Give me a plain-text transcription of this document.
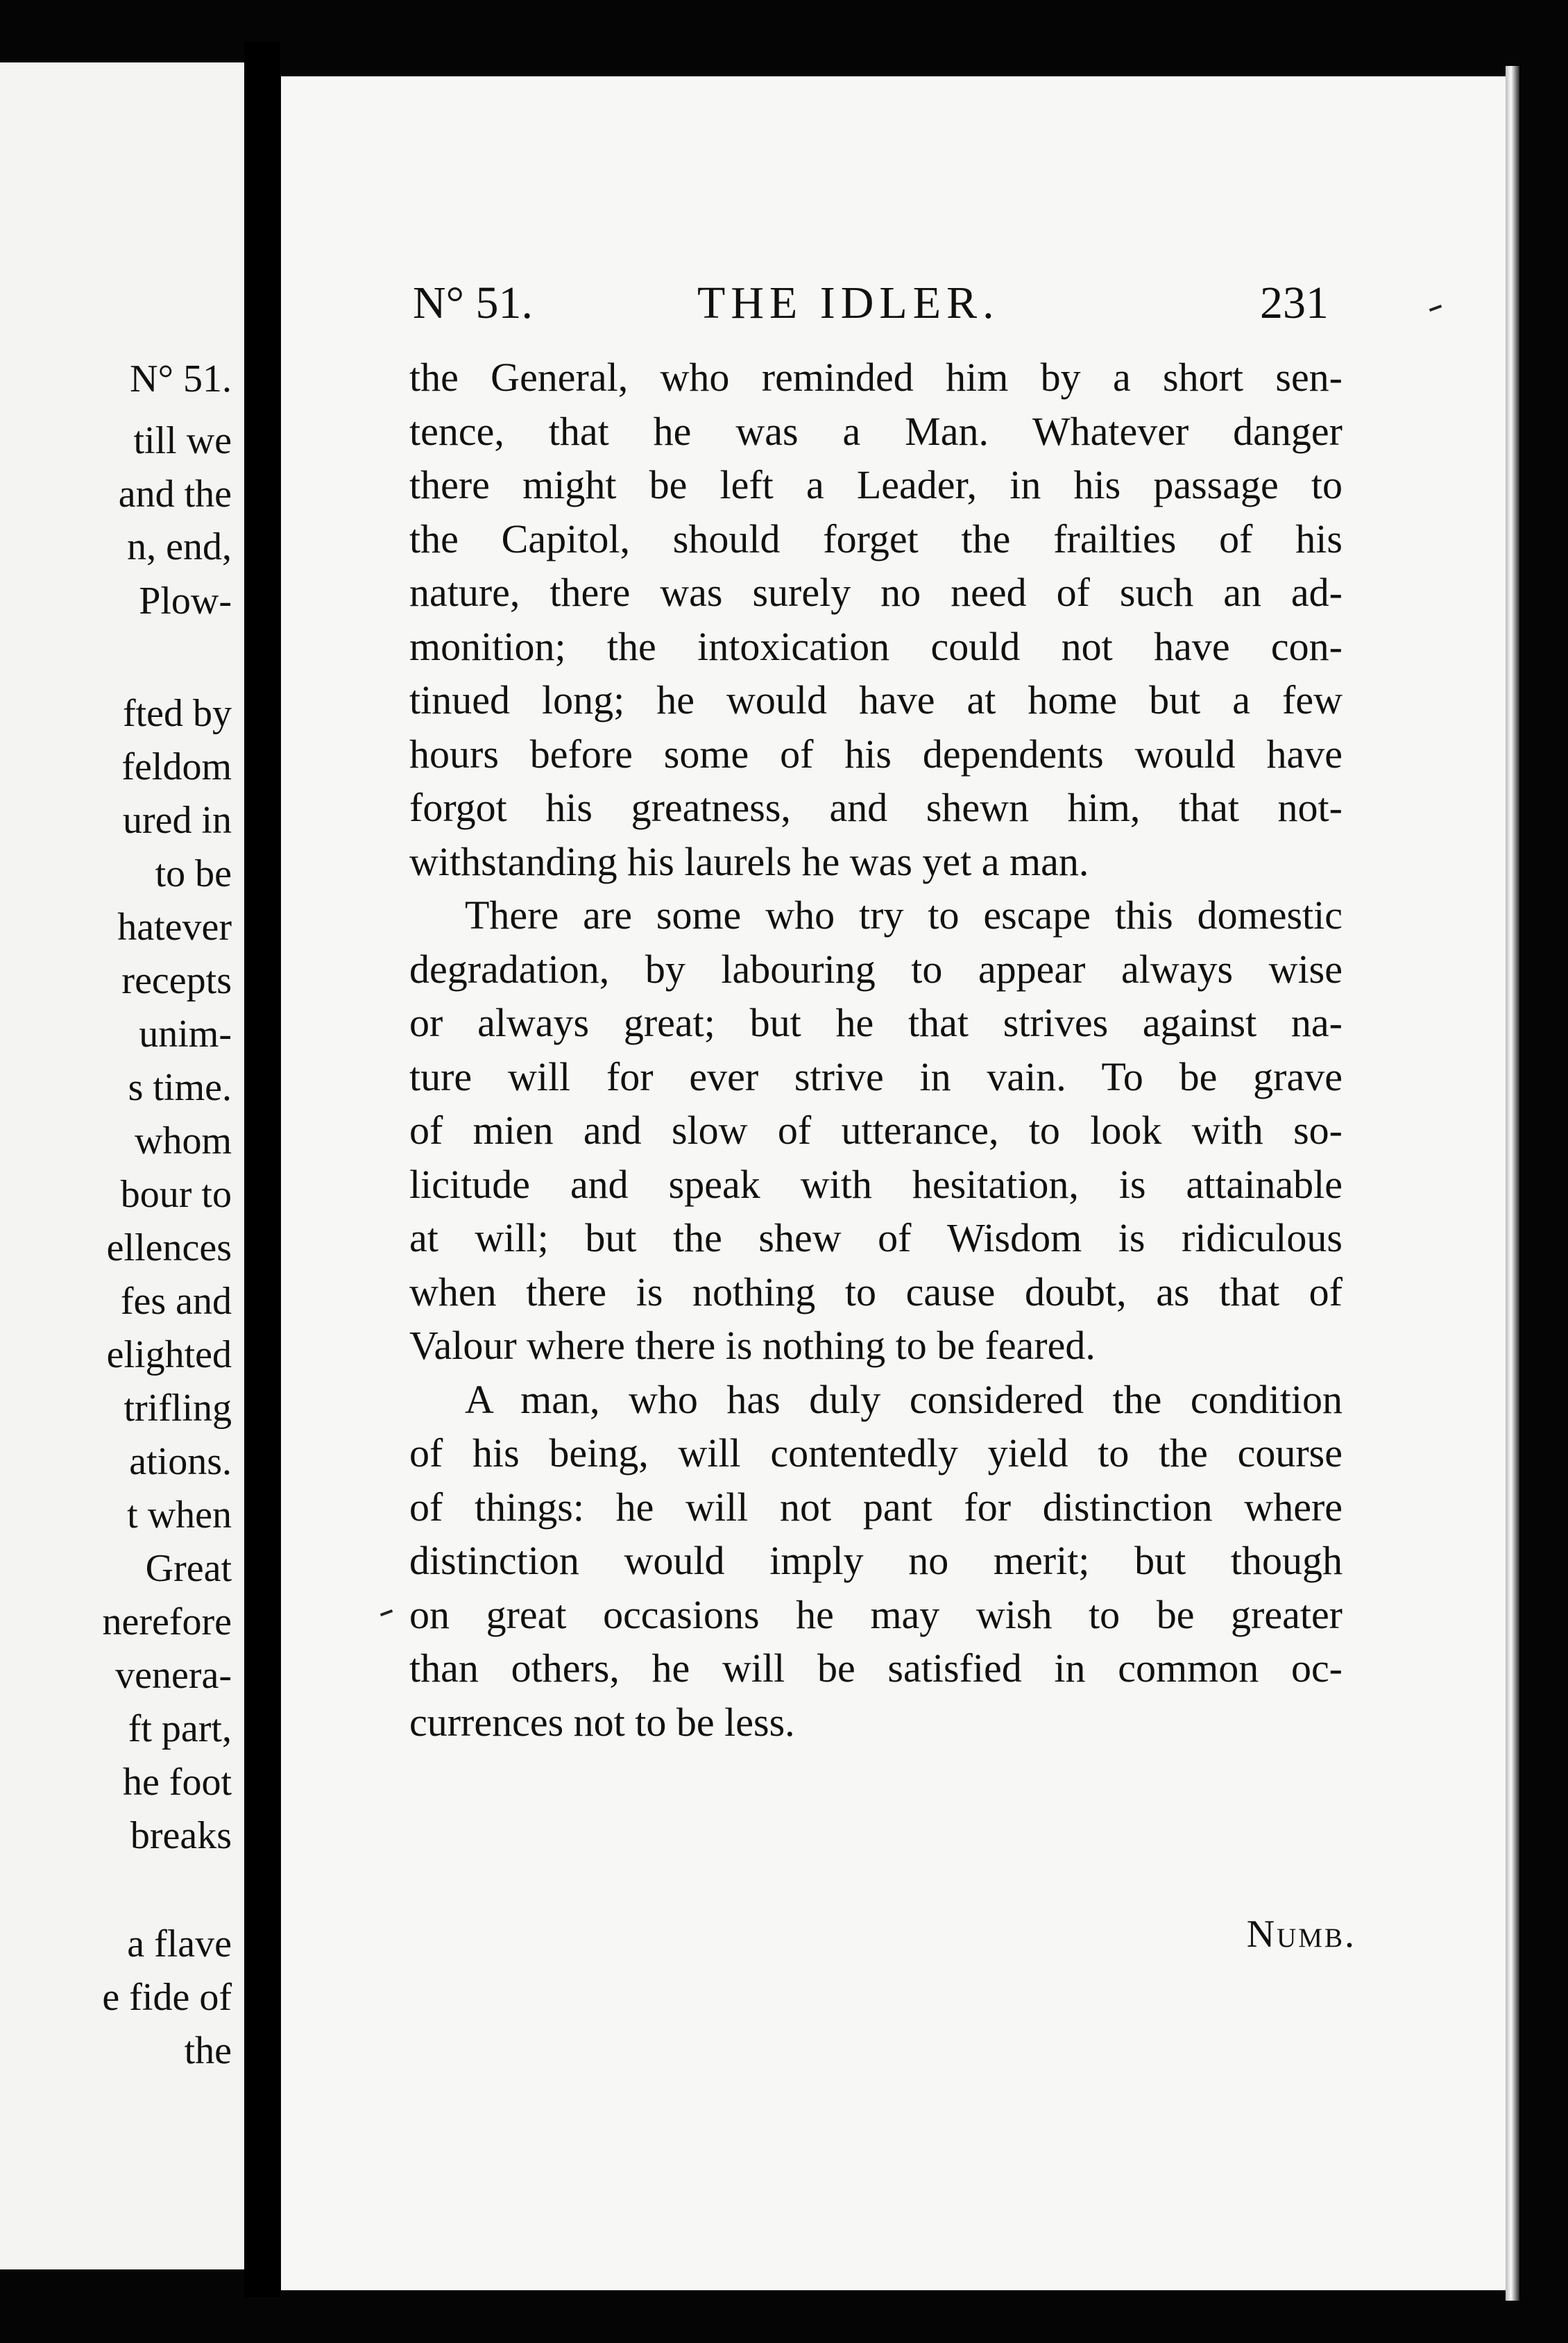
N° 51.
till we
and the
n, end,
Plow-
fted by
feldom
ured in
to be
hatever
recepts
unim-
s time.
whom
bour to
ellences
fes and
elighted
trifling
ations.
t when
Great
nerefore
venera-
ft part,
he foot
breaks
a flave
e fide of
the
N° 51.	THE IDLER.	231
the General, who reminded him by a short sen-
tence, that he was a Man. Whatever danger
there might be left a Leader, in his passage to
the Capitol, should forget the frailties of his
nature, there was surely no need of such an ad-
monition; the intoxication could not have con-
tinued long; he would have at home but a few
hours before some of his dependents would have
forgot his greatness, and shewn him, that not-
withstanding his laurels he was yet a man.
There are some who try to escape this domestic
degradation, by labouring to appear always wise
or always great; but he that strives against na-
ture will for ever strive in vain. To be grave
of mien and slow of utterance, to look with so-
licitude and speak with hesitation, is attainable
at will; but the shew of Wisdom is ridiculous
when there is nothing to cause doubt, as that of
Valour where there is nothing to be feared.
A man, who has duly considered the condition
of his being, will contentedly yield to the course
of things: he will not pant for distinction where
distinction would imply no merit; but though
on great occasions he may wish to be greater
than others, he will be satisfied in common oc-
currences not to be less.
Numb.
